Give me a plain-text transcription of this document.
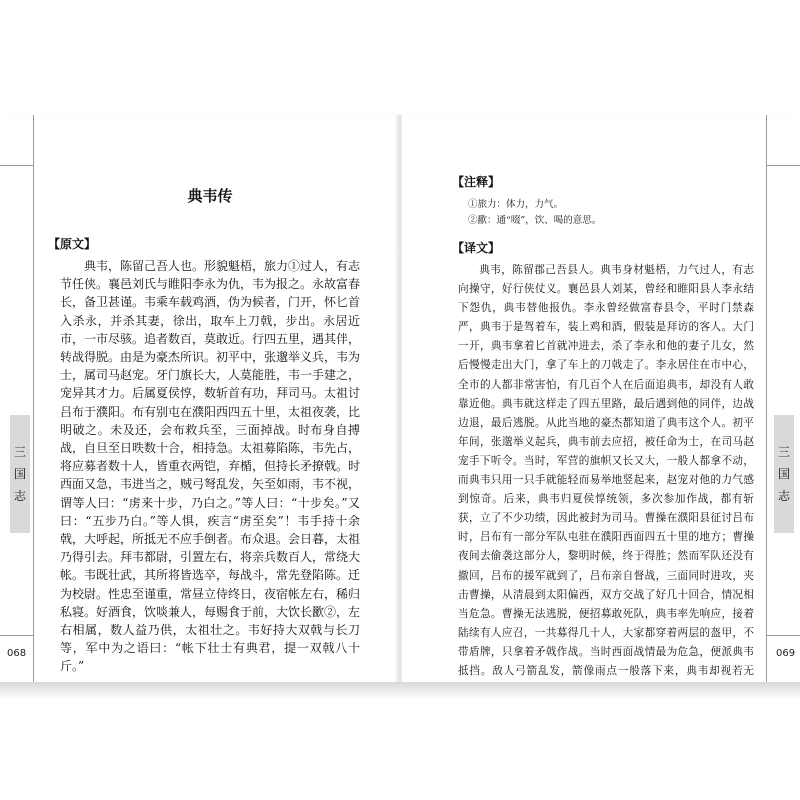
三
国
志
068
典韦传
【原文】

典韦，陈留己吾人也。形貌魁梧，旅力①过人，有志节任侠。襄邑刘氏与睢阳李永为仇，韦为报之。永故富春长，备卫甚谨。韦乘车载鸡酒，伪为候者，门开，怀匕首入杀永，并杀其妻，徐出，取车上刀戟，步出。永居近市，一市尽骇。追者数百，莫敢近。行四五里，遇其伴，转战得脱。由是为豪杰所识。初平中，张邈举义兵，韦为士，属司马赵宠。牙门旗长大，人莫能胜，韦一手建之，宠异其才力。后属夏侯惇，数斩首有功，拜司马。太祖讨吕布于濮阳。布有别屯在濮阳西四五十里，太祖夜袭，比明破之。未及还，会布救兵至，三面掉战。时布身自搏战，自旦至日昳数十合，相持急。太祖募陷陈，韦先占，将应募者数十人，皆重衣两铠，弃楯，但持长矛撩戟。时西面又急，韦进当之，贼弓弩乱发，矢至如雨，韦不视，谓等人曰：“虏来十步，乃白之。”等人曰：“十步矣。”又曰：“五步乃白。”等人惧，疾言“虏至矣”！韦手持十余戟，大呼起，所抵无不应手倒者。布众退。会日暮，太祖乃得引去。拜韦都尉，引置左右，将亲兵数百人，常绕大帐。韦既壮武，其所将皆选卒，每战斗，常先登陷陈。迁为校尉。性忠至谨重，常昼立侍终日，夜宿帐左右，稀归私寝。好酒食，饮啖兼人，每赐食于前，大饮长歠②，左右相属，数人益乃供，太祖壮之。韦好持大双戟与长刀等，军中为之语曰：“帐下壮士有典君，提一双戟八十斤。”

三
国
志
069
【注释】
①旅力：体力，力气。
②歠：通“啜”，饮、喝的意思。
【译文】

典韦，陈留郡己吾县人。典韦身材魁梧，力气过人，有志向操守，好行侠仗义。襄邑县人刘某，曾经和睢阳县人李永结下怨仇，典韦替他报仇。李永曾经做富春县令，平时门禁森严，典韦于是驾着车，装上鸡和酒，假装是拜访的客人。大门一开，典韦拿着匕首就冲进去，杀了李永和他的妻子儿女，然后慢慢走出大门，拿了车上的刀戟走了。李永居住在市中心，全市的人都非常害怕，有几百个人在后面追典韦，却没有人敢靠近他。典韦就这样走了四五里路，最后遇到他的同伴，边战边退，最后逃脱。从此当地的豪杰都知道了典韦这个人。初平年间，张邈举义起兵，典韦前去应招，被任命为士，在司马赵宠手下听令。当时，军营的旗帜又长又大，一般人都拿不动，而典韦只用一只手就能轻而易举地竖起来，赵宠对他的力气感到惊奇。后来，典韦归夏侯惇统领，多次参加作战，都有斩获，立了不少功绩，因此被封为司马。曹操在濮阳县征讨吕布时，吕布有一部分军队屯驻在濮阳西面四五十里的地方；曹操夜间去偷袭这部分人，黎明时候，终于得胜；然而军队还没有撤回，吕布的援军就到了，吕布亲自督战，三面同时进攻，夹击曹操，从清晨到太阳偏西，双方交战了好几十回合，情况相当危急。曹操无法逃脱，便招募敢死队，典韦率先响应，接着陆续有人应召，一共募得几十人，大家都穿着两层的盔甲，不带盾牌，只拿着矛戟作战。当时西面战情最为危急，便派典韦抵挡。敌人弓箭乱发，箭像雨点一般落下来，典韦却视若无
